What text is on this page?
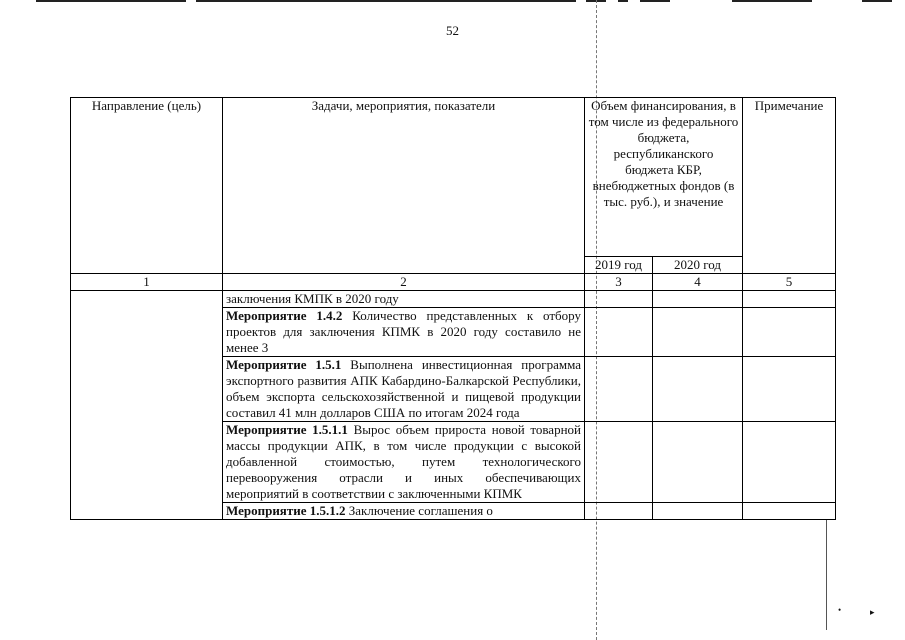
52
•	▸
Направление (цель)	Задачи, мероприятия, показатели	Объем финансирования, в том числе из федерального бюджета, республиканского бюджета КБР, внебюджетных фондов (в тыс. руб.), и значение		Примечание
		2019 год	2020 год	
1	2	3	4	5
	заключения КМПК в 2020 году			
	Мероприятие 1.4.2 Количество представленных к отбору проектов для заключения КПМК в 2020 году составило не менее 3			
	Мероприятие 1.5.1 Выполнена инвестиционная программа экспортного развития АПК Кабардино-Балкарской Республики, объем экспорта сельскохозяйственной и пищевой продукции составил 41 млн долларов США по итогам 2024 года			
	Мероприятие 1.5.1.1 Вырос объем прироста новой товарной массы продукции АПК, в том числе продукции с высокой добавленной стоимостью, путем технологического перевооружения отрасли и иных обеспечивающих мероприятий в соответствии с заключенными КПМК			
	Мероприятие 1.5.1.2 Заключение соглашения о			
